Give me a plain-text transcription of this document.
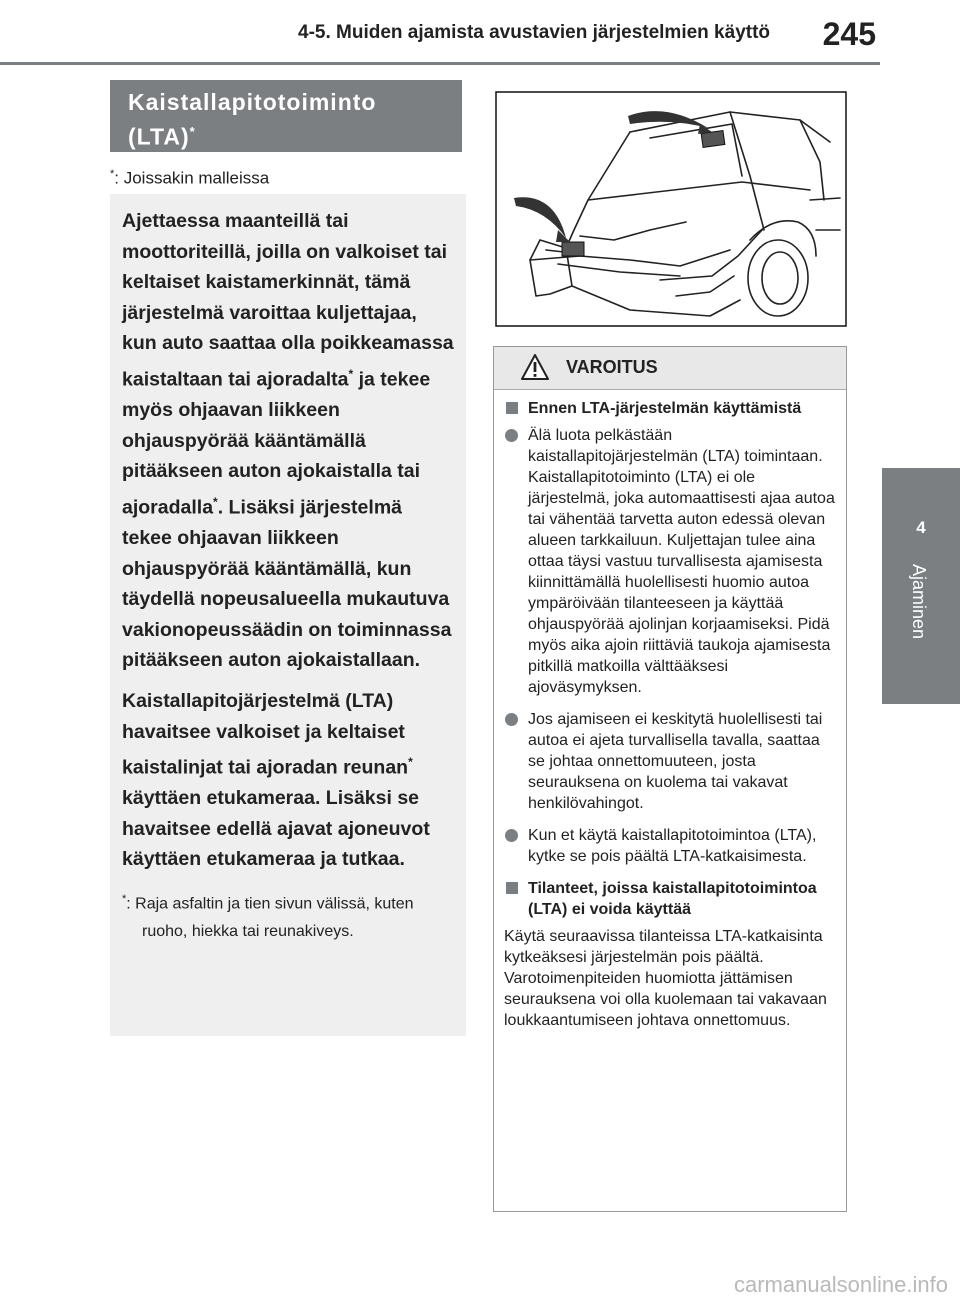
4-5. Muiden ajamista avustavien järjestelmien käyttö 245
4
Ajaminen
Kaistallapitotoiminto
(LTA)*
*: Joissakin malleissa

Ajettaessa maanteillä tai moottoriteillä, joilla on valkoiset tai keltaiset kaistamerkinnät, tämä järjestelmä varoittaa kuljettajaa, kun auto saattaa olla poikkeamassa kaistaltaan tai ajoradalta* ja tekee myös ohjaavan liikkeen ohjauspyörää kääntämällä pitääkseen auton ajokaistalla tai ajoradalla*. Lisäksi järjestelmä tekee ohjaavan liikkeen ohjauspyörää kääntämällä, kun täydellä nopeusalueella mukautuva vakionopeussäädin on toiminnassa pitääkseen auton ajokaistallaan.

Kaistallapitojärjestelmä (LTA) havaitsee valkoiset ja keltaiset kaistalinjat tai ajoradan reunan* käyttäen etukameraa. Lisäksi se havaitsee edellä ajavat ajoneuvot käyttäen etukameraa ja tutkaa.

*: Raja asfaltin ja tien sivun välissä, kuten ruoho, hiekka tai reunakiveys.
VAROITUS
Ennen LTA-järjestelmän käyttämistä
Älä luota pelkästään kaistallapitojärjestelmän (LTA) toimintaan. Kaistallapitotoiminto (LTA) ei ole järjestelmä, joka automaattisesti ajaa autoa tai vähentää tarvetta auton edessä olevan alueen tarkkailuun. Kuljettajan tulee aina ottaa täysi vastuu turvallisesta ajamisesta kiinnittämällä huolellisesti huomio autoa ympäröivään tilanteeseen ja käyttää ohjauspyörää ajolinjan korjaamiseksi. Pidä myös aika ajoin riittäviä taukoja ajamisesta pitkillä matkoilla välttääksesi ajoväsymyksen.
Jos ajamiseen ei keskitytä huolellisesti tai autoa ei ajeta turvallisella tavalla, saattaa se johtaa onnettomuuteen, josta seurauksena on kuolema tai vakavat henkilövahingot.
Kun et käytä kaistallapitotoimintoa (LTA), kytke se pois päältä LTA-katkaisimesta.
Tilanteet, joissa kaistallapitotoimintoa (LTA) ei voida käyttää
Käytä seuraavissa tilanteissa LTA-katkaisinta kytkeäksesi järjestelmän pois päältä. Varotoimenpiteiden huomiotta jättämisen seurauksena voi olla kuolemaan tai vakavaan loukkaantumiseen johtava onnettomuus.
carmanualsonline.info
